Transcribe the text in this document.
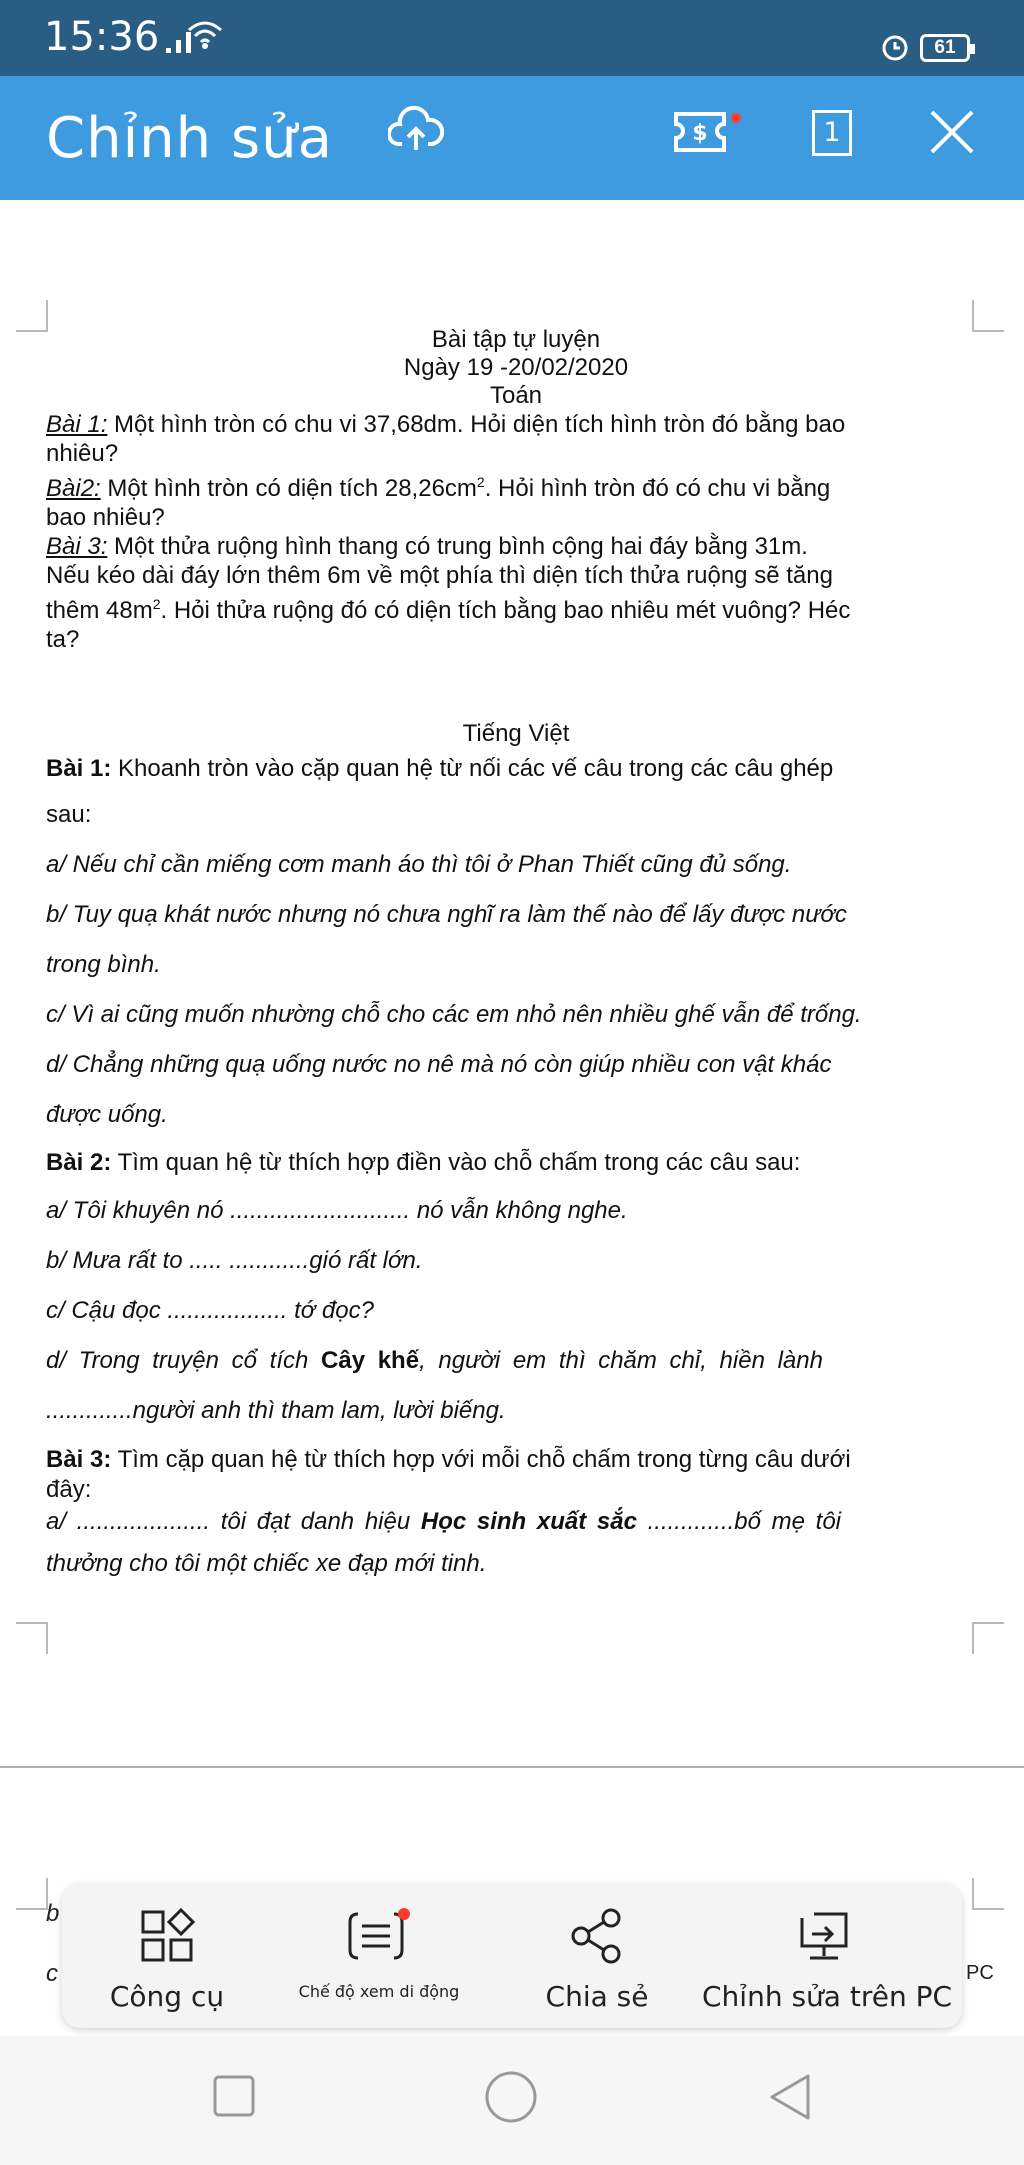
15:36	61
Chỉnh sửa	$	1
Bài tập tự luyện
Ngày 19 -20/02/2020
Toán
Bài 1: Một hình tròn có chu vi 37,68dm. Hỏi diện tích hình tròn đó bằng bao
nhiêu?
Bài2: Một hình tròn có diện tích $28,26cm^2$. Hỏi hình tròn đó có chu vi bằng
bao nhiêu?
Bài 3: Một thửa ruộng hình thang có trung bình cộng hai đáy bằng 31m.
Nếu kéo dài đáy lớn thêm 6m về một phía thì diện tích thửa ruộng sẽ tăng
thêm $48m^2$. Hỏi thửa ruộng đó có diện tích bằng bao nhiêu mét vuông? Héc
ta?
Tiếng Việt
Bài 1: Khoanh tròn vào cặp quan hệ từ nối các vế câu trong các câu ghép
sau:
a/ Nếu chỉ cần miếng cơm manh áo thì tôi ở Phan Thiết cũng đủ sống.
b/ Tuy quạ khát nước nhưng nó chưa nghĩ ra làm thế nào để lấy được nước
trong bình.
c/ Vì ai cũng muốn nhường chỗ cho các em nhỏ nên nhiều ghế vẫn để trống.
d/ Chẳng những quạ uống nước no nê mà nó còn giúp nhiều con vật khác
được uống.
Bài 2: Tìm quan hệ từ thích hợp điền vào chỗ chấm trong các câu sau:
a/ Tôi khuyên nó ........................... nó vẫn không nghe.
b/ Mưa rất to ..... ............gió rất lớn.
c/ Cậu đọc .................. tớ đọc?
d/ Trong truyện cổ tích Cây khế, người em thì chăm chỉ, hiền lành
.............người anh thì tham lam, lười biếng.
Bài 3: Tìm cặp quan hệ từ thích hợp với mỗi chỗ chấm trong từng câu dưới
đây:
a/ .................... tôi đạt danh hiệu Học sinh xuất sắc .............bố mẹ tôi
thưởng cho tôi một chiếc xe đạp mới tinh.
b
c	PC
Công cụ	Chế độ xem di động	Chia sẻ	Chỉnh sửa trên PC
